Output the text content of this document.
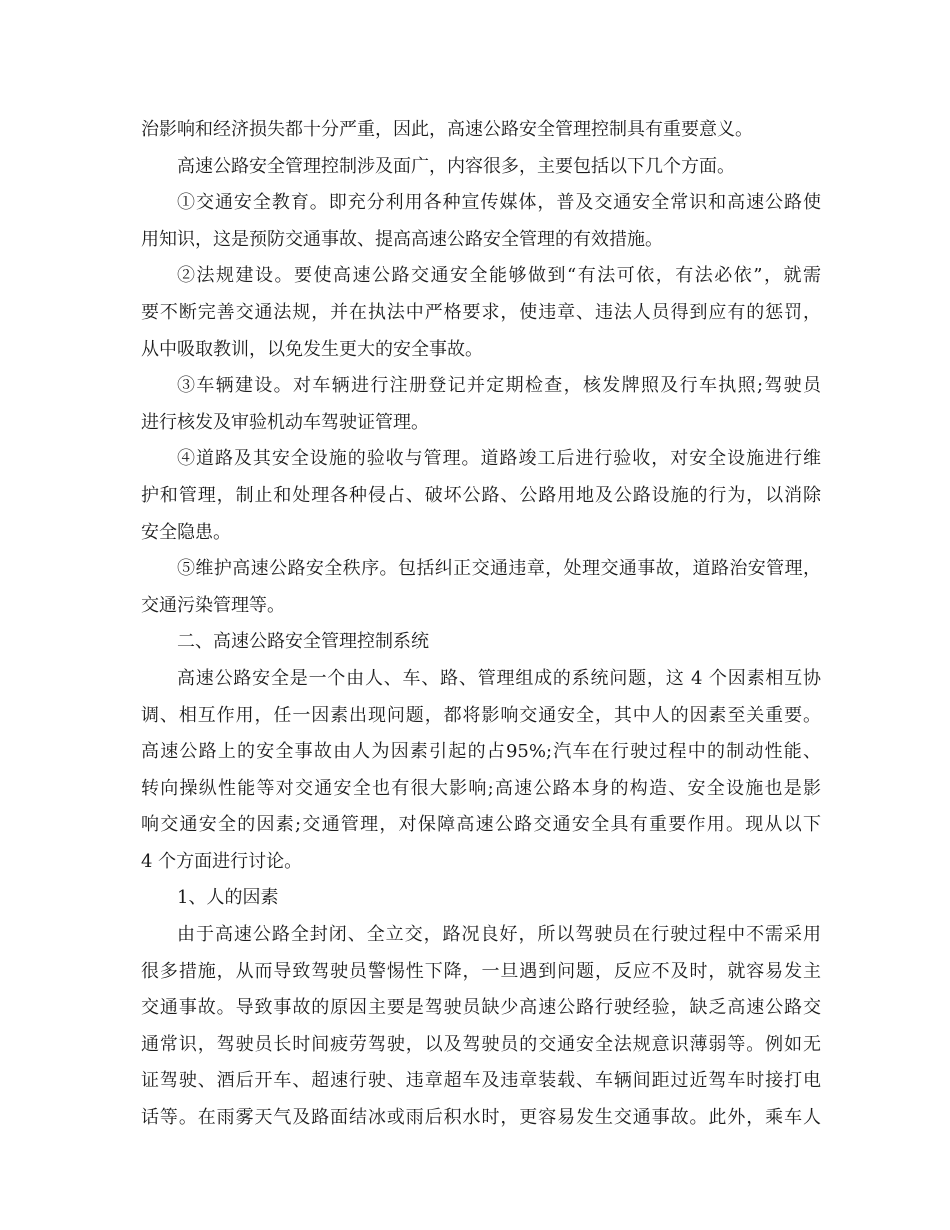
治影响和经济损失都十分严重，因此，高速公路安全管理控制具有重要意义。
高速公路安全管理控制涉及面广，内容很多，主要包括以下几个方面。
①交通安全教育。即充分利用各种宣传媒体，普及交通安全常识和高速公路使
用知识，这是预防交通事故、提高高速公路安全管理的有效措施。
②法规建设。要使高速公路交通安全能够做到“有法可依，有法必依”，就需
要不断完善交通法规，并在执法中严格要求，使违章、违法人员得到应有的惩罚，
从中吸取教训，以免发生更大的安全事故。
③车辆建设。对车辆进行注册登记并定期检查，核发牌照及行车执照;驾驶员
进行核发及审验机动车驾驶证管理。
④道路及其安全设施的验收与管理。道路竣工后进行验收，对安全设施进行维
护和管理，制止和处理各种侵占、破坏公路、公路用地及公路设施的行为，以消除
安全隐患。
⑤维护高速公路安全秩序。包括纠正交通违章，处理交通事故，道路治安管理，
交通污染管理等。
二、高速公路安全管理控制系统
高速公路安全是一个由人、车、路、管理组成的系统问题，这 4 个因素相互协
调、相互作用，任一因素出现问题，都将影响交通安全，其中人的因素至关重要。
高速公路上的安全事故由人为因素引起的占95%;汽车在行驶过程中的制动性能、
转向操纵性能等对交通安全也有很大影响;高速公路本身的构造、安全设施也是影
响交通安全的因素;交通管理，对保障高速公路交通安全具有重要作用。现从以下
4 个方面进行讨论。
1、人的因素
由于高速公路全封闭、全立交，路况良好，所以驾驶员在行驶过程中不需采用
很多措施，从而导致驾驶员警惕性下降，一旦遇到问题，反应不及时，就容易发主
交通事故。导致事故的原因主要是驾驶员缺少高速公路行驶经验，缺乏高速公路交
通常识，驾驶员长时间疲劳驾驶，以及驾驶员的交通安全法规意识薄弱等。例如无
证驾驶、酒后开车、超速行驶、违章超车及违章装载、车辆间距过近驾车时接打电
话等。在雨雾天气及路面结冰或雨后积水时，更容易发生交通事故。此外，乘车人
